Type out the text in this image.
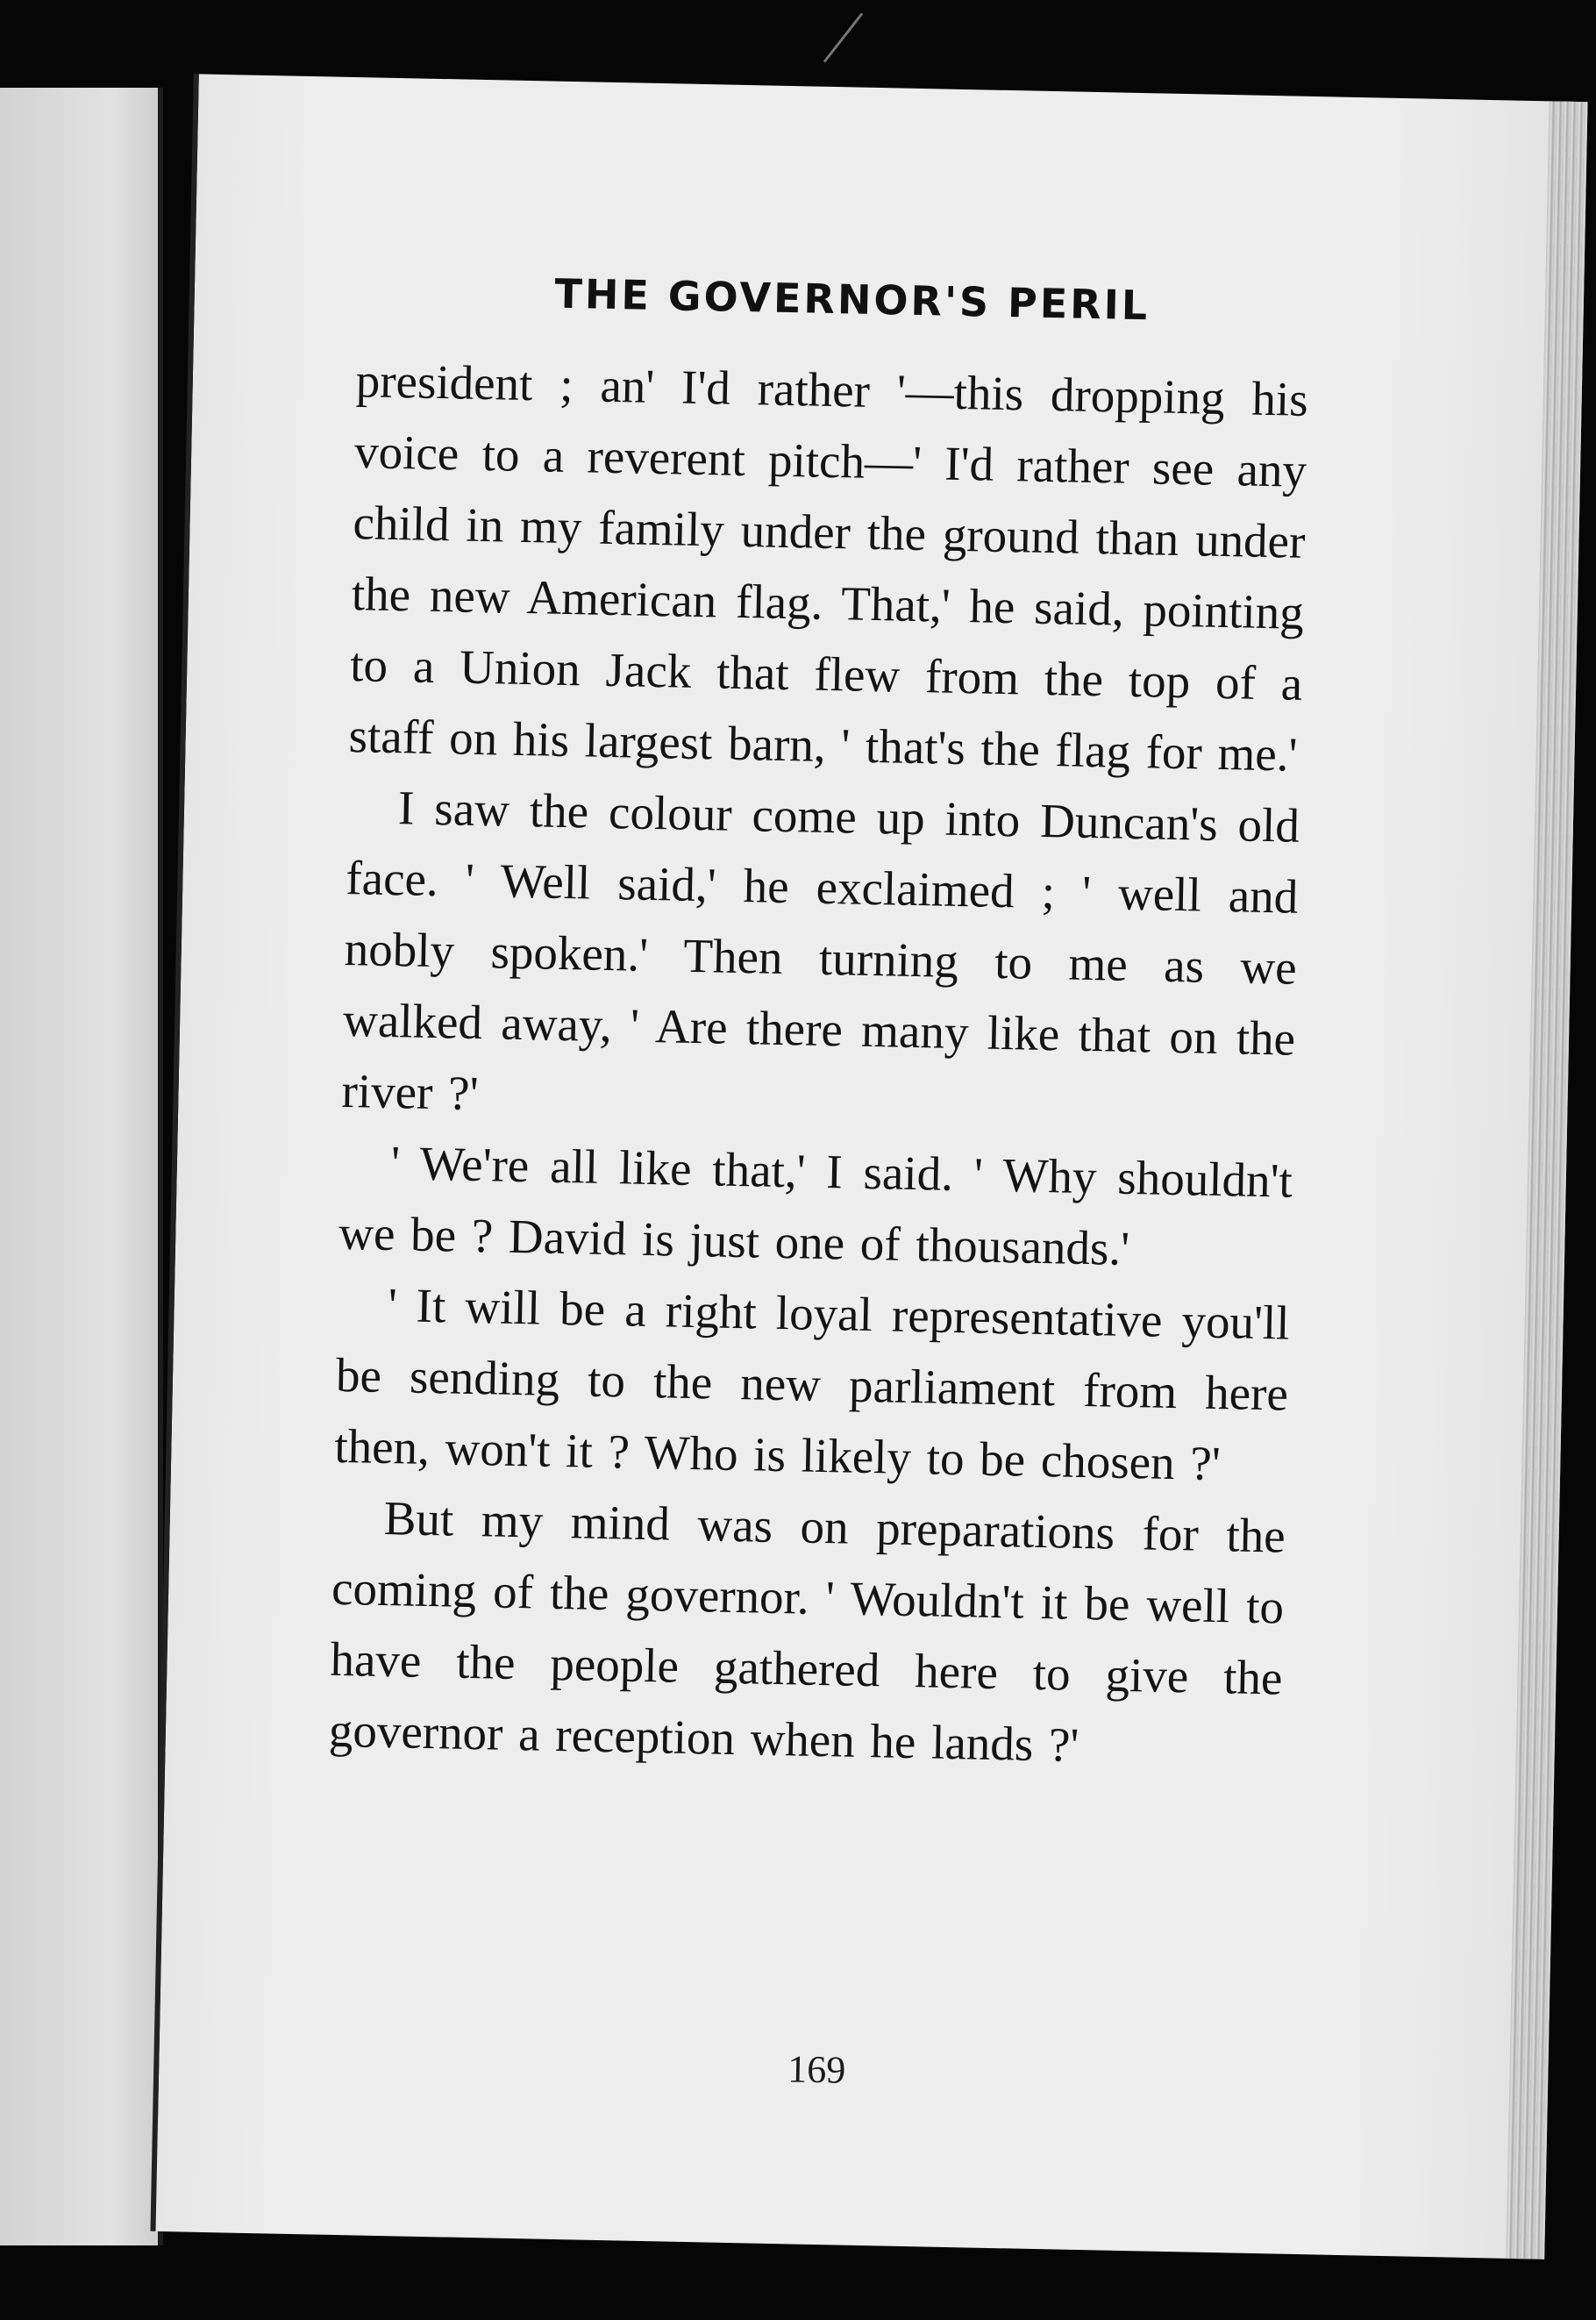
THE GOVERNOR'S PERIL

president ; an' I'd rather '—this dropping his voice to a reverent pitch—' I'd rather see any child in my family under the ground than under the new American flag. That,' he said, pointing to a Union Jack that flew from the top of a staff on his largest barn, ' that's the flag for me.'

I saw the colour come up into Duncan's old face. ' Well said,' he exclaimed ; ' well and nobly spoken.' Then turning to me as we walked away, ' Are there many like that on the river ?'

' We're all like that,' I said. ' Why shouldn't we be ? David is just one of thousands.'

' It will be a right loyal representative you'll be sending to the new parliament from here then, won't it ? Who is likely to be chosen ?'

But my mind was on preparations for the coming of the governor. ' Wouldn't it be well to have the people gathered here to give the governor a reception when he lands ?'

169
